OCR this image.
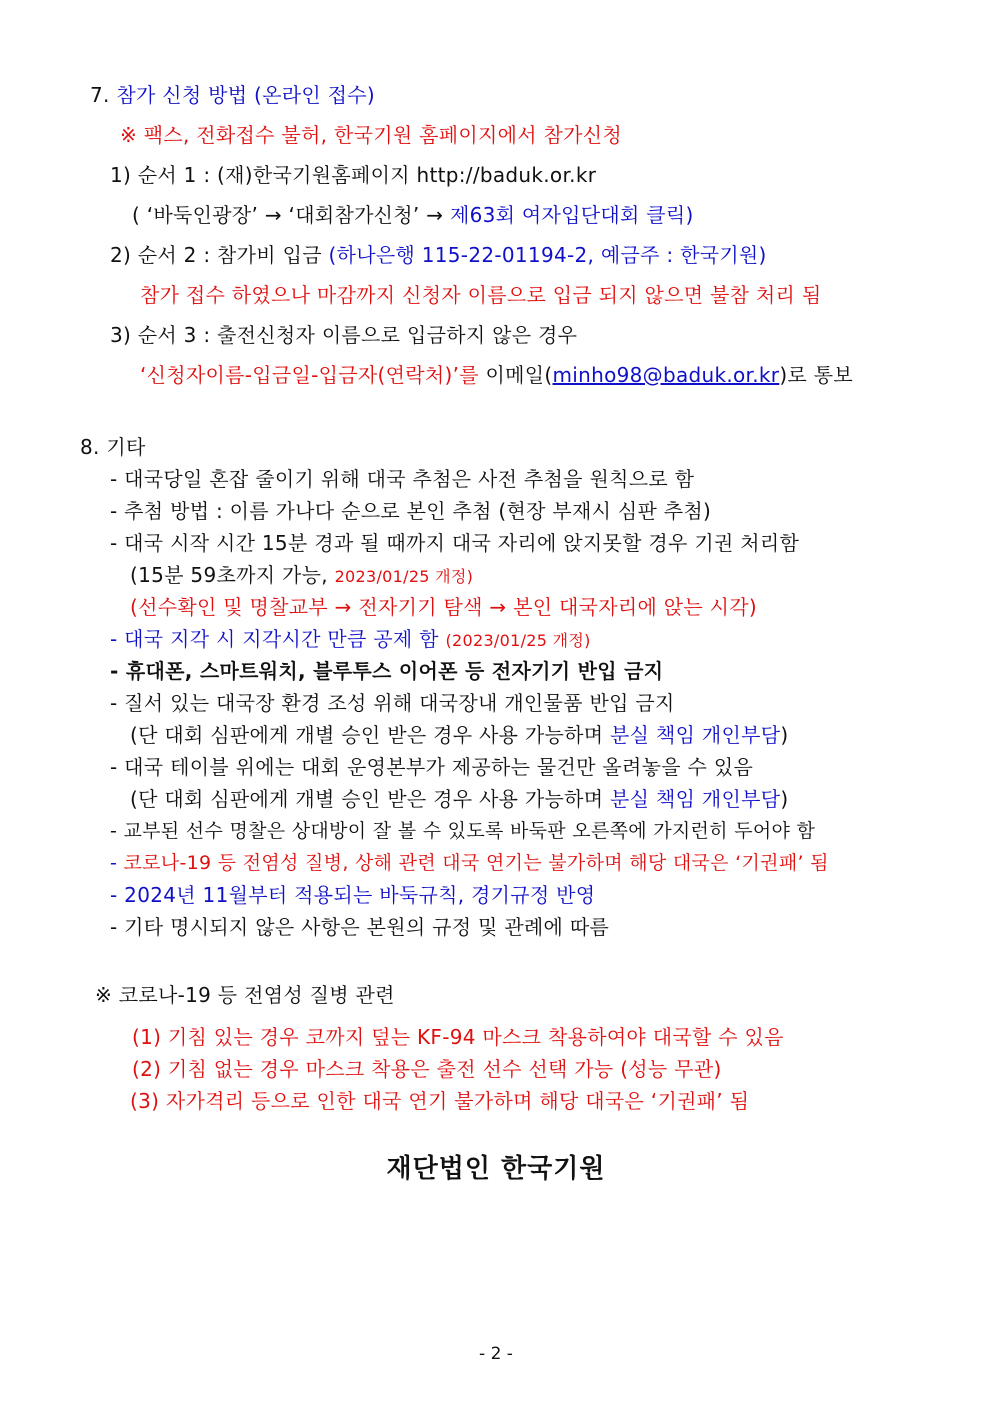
7. 참가 신청 방법 (온라인 접수)
※ 팩스, 전화접수 불허, 한국기원 홈페이지에서 참가신청
1) 순서 1 : (재)한국기원홈페이지 http://baduk.or.kr
( ‘바둑인광장’ → ‘대회참가신청’ → 제63회 여자입단대회 클릭)
2) 순서 2 : 참가비 입금 (하나은행 115-22-01194-2, 예금주 : 한국기원)
참가 접수 하였으나 마감까지 신청자 이름으로 입금 되지 않으면 불참 처리 됨
3) 순서 3 : 출전신청자 이름으로 입금하지 않은 경우
‘신청자이름-입금일-입금자(연락처)’를 이메일(minho98@baduk.or.kr)로 통보
8. 기타
- 대국당일 혼잡 줄이기 위해 대국 추첨은 사전 추첨을 원칙으로 함
- 추첨 방법 : 이름 가나다 순으로 본인 추첨 (현장 부재시 심판 추첨)
- 대국 시작 시간 15분 경과 될 때까지 대국 자리에 앉지못할 경우 기권 처리함
(15분 59초까지 가능, 2023/01/25 개정)
(선수확인 및 명찰교부 → 전자기기 탐색 → 본인 대국자리에 앉는 시각)
- 대국 지각 시 지각시간 만큼 공제 함 (2023/01/25 개정)
- 휴대폰, 스마트워치, 블루투스 이어폰 등 전자기기 반입 금지
- 질서 있는 대국장 환경 조성 위해 대국장내 개인물품 반입 금지
(단 대회 심판에게 개별 승인 받은 경우 사용 가능하며 분실 책임 개인부담)
- 대국 테이블 위에는 대회 운영본부가 제공하는 물건만 올려놓을 수 있음
(단 대회 심판에게 개별 승인 받은 경우 사용 가능하며 분실 책임 개인부담)
- 교부된 선수 명찰은 상대방이 잘 볼 수 있도록 바둑판 오른쪽에 가지런히 두어야 함
- 코로나-19 등 전염성 질병, 상해 관련 대국 연기는 불가하며 해당 대국은 ‘기권패’ 됨
- 2024년 11월부터 적용되는 바둑규칙, 경기규정 반영
- 기타 명시되지 않은 사항은 본원의 규정 및 관례에 따름
※ 코로나-19 등 전염성 질병 관련
(1) 기침 있는 경우 코까지 덮는 KF-94 마스크 착용하여야 대국할 수 있음
(2) 기침 없는 경우 마스크 착용은 출전 선수 선택 가능 (성능 무관)
(3) 자가격리 등으로 인한 대국 연기 불가하며 해당 대국은 ‘기권패’ 됨
재단법인 한국기원
- 2 -
